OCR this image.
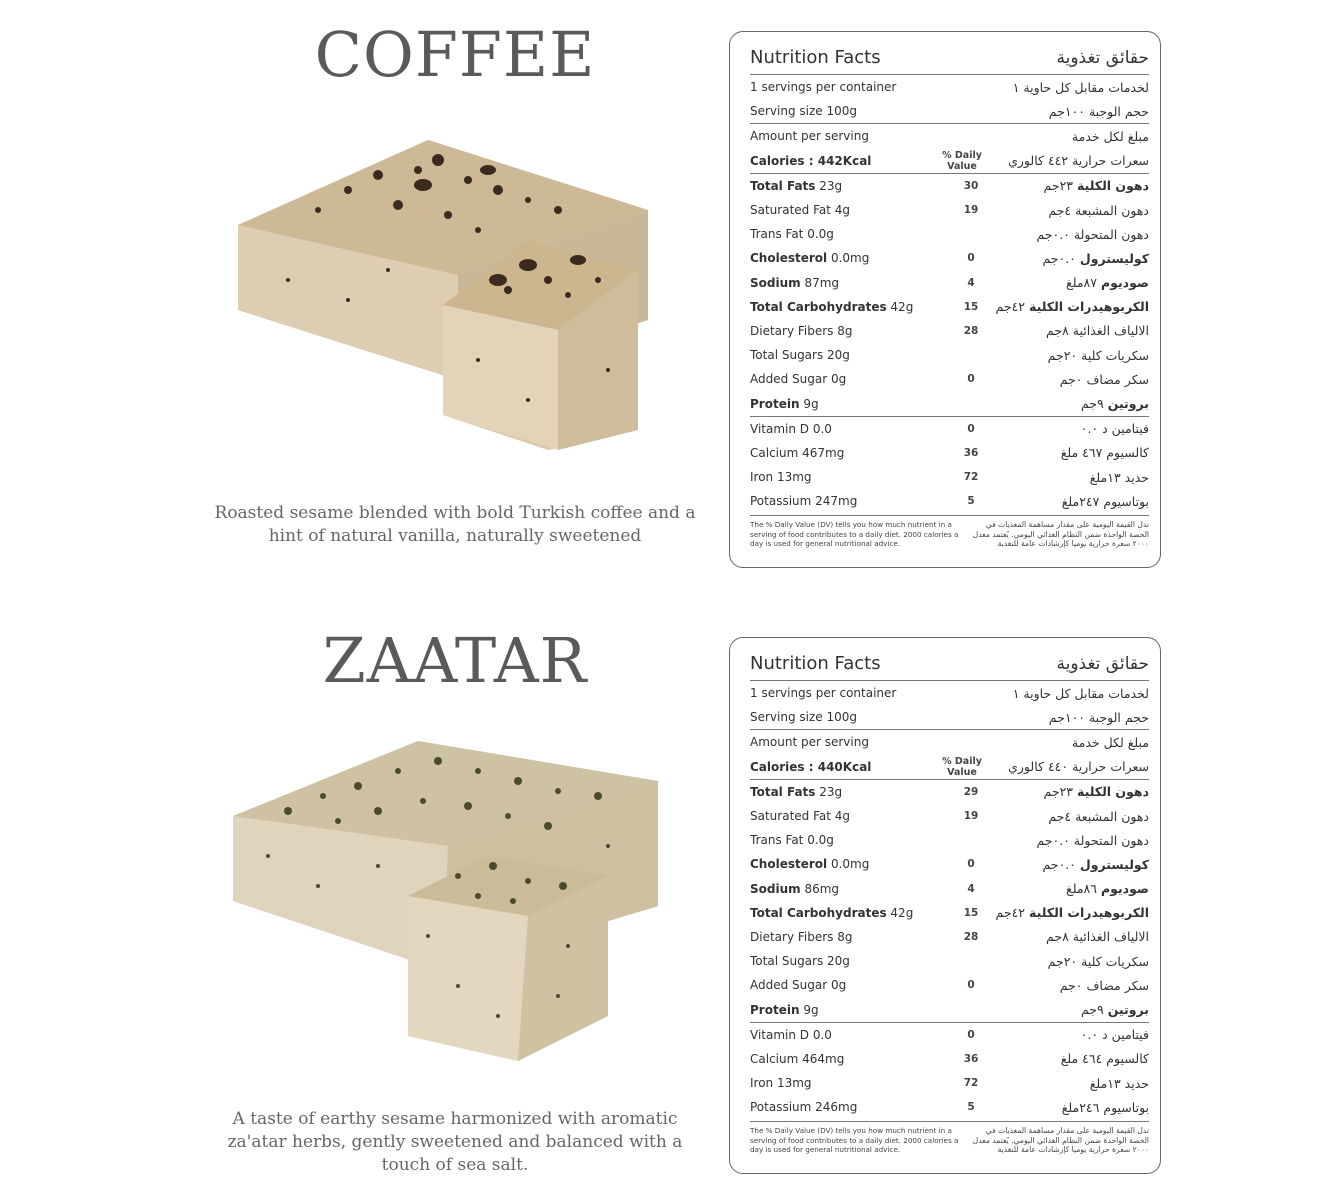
COFFEE

Roasted sesame blended with bold Turkish coffee and a hint of natural vanilla, naturally sweetened

Nutrition Facts	حقائق تغذوية
1 servings per container	لخدمات مقابل كل حاوية ١
Serving size 100g	حجم الوجبة ١٠٠جم
Amount per serving	مبلغ لكل خدمة
Calories : 442Kcal	% Daily Value	سعرات حرارية ٤٤٢ كالوري
Total Fats 23g	30	دهون الكلية ٢٣جم
Saturated Fat 4g	19	دهون المشبعة ٤جم
Trans Fat 0.0g	دهون المتحولة ٠.٠جم
Cholesterol 0.0mg	0	كوليسترول ٠.٠جم
Sodium 87mg	4	صوديوم ٨٧ملغ
Total Carbohydrates 42g	15	الكربوهيدرات الكلية ٤٢جم
Dietary Fibers 8g	28	الالياف الغذائية ٨جم
Total Sugars 20g	سكريات كلية ٢٠جم
Added Sugar 0g	0	سكر مضاف ٠جم
Protein 9g	بروتين ٩جم
Vitamin D 0.0	0	فيتامين د ٠.٠
Calcium 467mg	36	كالسيوم ٤٦٧ ملغ
Iron 13mg	72	حديد ١٣ملغ
Potassium 247mg	5	بوتاسيوم ٢٤٧ملغ
The % Daily Value (DV) tells you how much nutrient in a serving of food contributes to a daily diet. 2000 calories a day is used for general nutritional advice.
تدل القيمة اليومية على مقدار مساهمة المغذيات في الحصة الواحدة ضمن النظام الغذائي اليومي. يُعتمد معدل ٢٠٠٠ سعرة حرارية يوميا كإرشادات عامة للتغذية
ZAATAR

A taste of earthy sesame harmonized with aromatic za'atar herbs, gently sweetened and balanced with a touch of sea salt.

Nutrition Facts	حقائق تغذوية
1 servings per container	لخدمات مقابل كل حاوية ١
Serving size 100g	حجم الوجبة ١٠٠جم
Amount per serving	مبلغ لكل خدمة
Calories : 440Kcal	% Daily Value	سعرات حرارية ٤٤٠ كالوري
Total Fats 23g	29	دهون الكلية ٢٣جم
Saturated Fat 4g	19	دهون المشبعة ٤جم
Trans Fat 0.0g	دهون المتحولة ٠.٠جم
Cholesterol 0.0mg	0	كوليسترول ٠.٠جم
Sodium 86mg	4	صوديوم ٨٦ملغ
Total Carbohydrates 42g	15	الكربوهيدرات الكلية ٤٢جم
Dietary Fibers 8g	28	الالياف الغذائية ٨جم
Total Sugars 20g	سكريات كلية ٢٠جم
Added Sugar 0g	0	سكر مضاف ٠جم
Protein 9g	بروتين ٩جم
Vitamin D 0.0	0	فيتامين د ٠.٠
Calcium 464mg	36	كالسيوم ٤٦٤ ملغ
Iron 13mg	72	حديد ١٣ملغ
Potassium 246mg	5	بوتاسيوم ٢٤٦ملغ
The % Daily Value (DV) tells you how much nutrient in a serving of food contributes to a daily diet. 2000 calories a day is used for general nutritional advice.
تدل القيمة اليومية على مقدار مساهمة المغذيات في الحصة الواحدة ضمن النظام الغذائي اليومي. يُعتمد معدل ٢٠٠٠ سعرة حرارية يوميا كإرشادات عامة للتغذية
